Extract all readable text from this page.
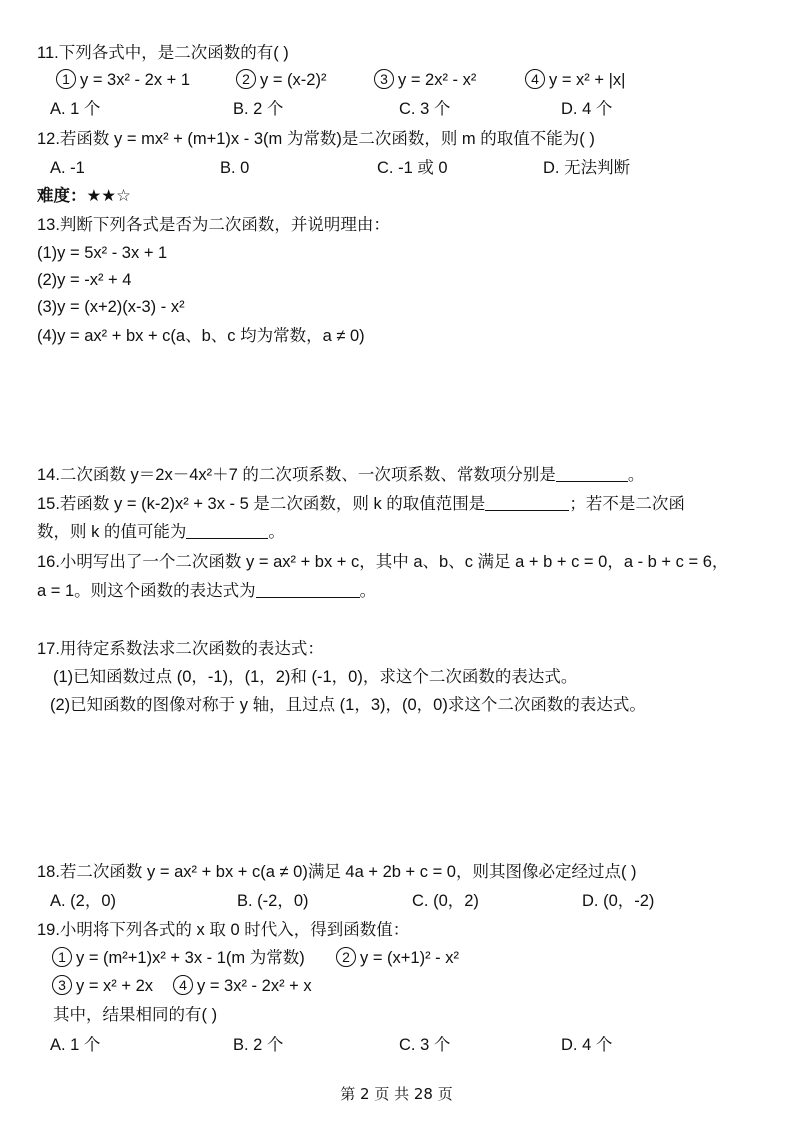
11.下列各式中，是二次函数的有( )
1 y = 3x² - 2x + 1	2 y = (x-2)²	3 y = 2x² - x²	4 y = x² + |x|
A. 1 个	B. 2 个	C. 3 个	D. 4 个
12.若函数 y = mx² + (m+1)x - 3(m 为常数)是二次函数，则 m 的取值不能为( )
A. -1	B. 0	C. -1 或 0	D. 无法判断
难度：★★☆
13.判断下列各式是否为二次函数，并说明理由：
(1)y = 5x² - 3x + 1
(2)y = -x² + 4
(3)y = (x+2)(x-3) - x²
(4)y = ax² + bx + c(a、b、c 均为常数，a ≠ 0)
14.二次函数 y＝2x－4x²＋7 的二次项系数、一次项系数、常数项分别是	。
15.若函数 y = (k-2)x² + 3x - 5 是二次函数，则 k 的取值范围是	；若不是二次函
数，则 k 的值可能为	。
16.小明写出了一个二次函数 y = ax² + bx + c，其中 a、b、c 满足 a + b + c = 0，a - b + c = 6，
a = 1。则这个函数的表达式为	。
17.用待定系数法求二次函数的表达式：
(1)已知函数过点 (0，-1)，(1，2)和 (-1，0)，求这个二次函数的表达式。
(2)已知函数的图像对称于 y 轴，且过点 (1，3)，(0，0)求这个二次函数的表达式。
18.若二次函数 y = ax² + bx + c(a ≠ 0)满足 4a + 2b + c = 0，则其图像必定经过点( )
A. (2，0)	B. (-2，0)	C. (0，2)	D. (0，-2)
19.小明将下列各式的 x 取 0 时代入，得到函数值：
1 y = (m²+1)x² + 3x - 1(m 为常数)	2 y = (x+1)² - x²
3 y = x² + 2x	4 y = 3x² - 2x² + x
其中，结果相同的有( )
A. 1 个	B. 2 个	C. 3 个	D. 4 个
第 2 页 共 28 页
